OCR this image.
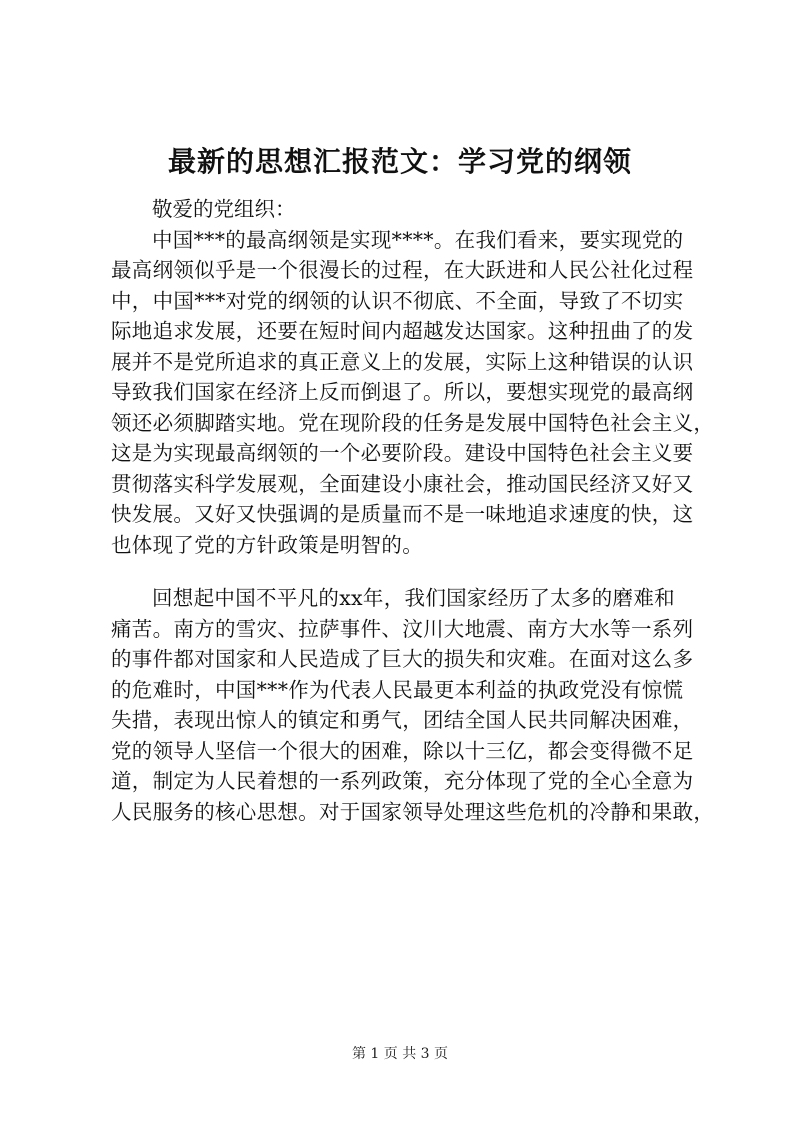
最新的思想汇报范文：学习党的纲领

敬爱的党组织：

中国***的最高纲领是实现****。在我们看来，要实现党的
最高纲领似乎是一个很漫长的过程，在大跃进和人民公社化过程
中，中国***对党的纲领的认识不彻底、不全面，导致了不切实
际地追求发展，还要在短时间内超越发达国家。这种扭曲了的发
展并不是党所追求的真正意义上的发展，实际上这种错误的认识
导致我们国家在经济上反而倒退了。所以，要想实现党的最高纲
领还必须脚踏实地。党在现阶段的任务是发展中国特色社会主义，
这是为实现最高纲领的一个必要阶段。建设中国特色社会主义要
贯彻落实科学发展观，全面建设小康社会，推动国民经济又好又
快发展。又好又快强调的是质量而不是一味地追求速度的快，这
也体现了党的方针政策是明智的。
回想起中国不平凡的xx年，我们国家经历了太多的磨难和
痛苦。南方的雪灾、拉萨事件、汶川大地震、南方大水等一系列
的事件都对国家和人民造成了巨大的损失和灾难。在面对这么多
的危难时，中国***作为代表人民最更本利益的执政党没有惊慌
失措，表现出惊人的镇定和勇气，团结全国人民共同解决困难，
党的领导人坚信一个很大的困难，除以十三亿，都会变得微不足
道，制定为人民着想的一系列政策，充分体现了党的全心全意为
人民服务的核心思想。对于国家领导处理这些危机的冷静和果敢，
第 1 页 共 3 页
